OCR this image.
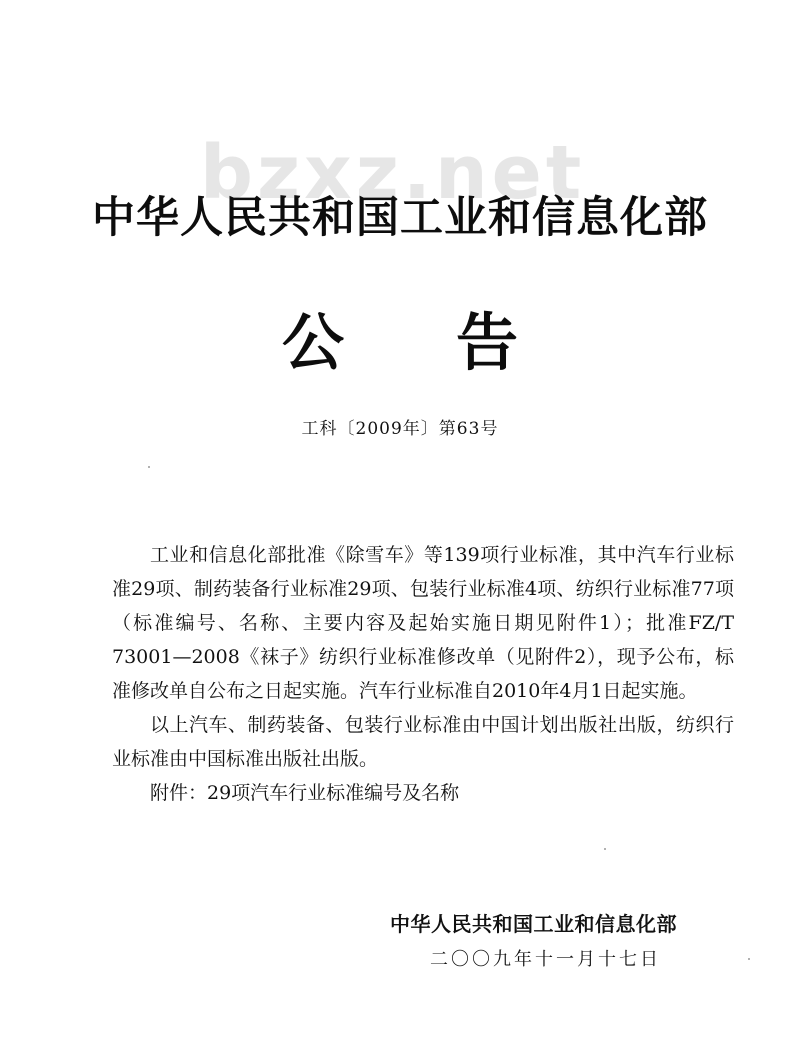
bzxz.net
中华人民共和国工业和信息化部
公 告
工科〔2009年〕第63号

工业和信息化部批准《除雪车》等139项行业标准，其中汽车行业标准29项、制药装备行业标准29项、包装行业标准4项、纺织行业标准77项（标准编号、名称、主要内容及起始实施日期见附件1）；批准FZ/T 73001—2008《袜子》纺织行业标准修改单（见附件2），现予公布，标准修改单自公布之日起实施。汽车行业标准自2010年4月1日起实施。

以上汽车、制药装备、包装行业标准由中国计划出版社出版，纺织行业标准由中国标准出版社出版。

附件：29项汽车行业标准编号及名称

中华人民共和国工业和信息化部
二〇〇九年十一月十七日
